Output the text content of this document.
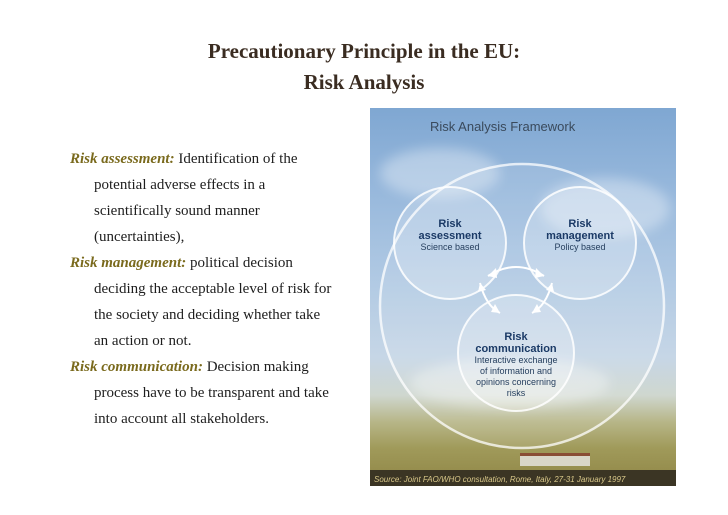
Precautionary Principle in the EU:
Risk Analysis
Risk assessment: Identification of the
potential adverse effects in a
scientifically sound manner
(uncertainties),
Risk management: political decision
deciding the acceptable level of risk for
the society and deciding whether take
an action or not.
Risk communication: Decision making
process have to be transparent and take
into account all stakeholders.
Risk Analysis Framework
Risk
assessment
Science based
Risk
management
Policy based
Risk
communication
Interactive exchange
of information and
opinions concerning
risks
Source: Joint FAO/WHO consultation, Rome, Italy, 27-31 January 1997
